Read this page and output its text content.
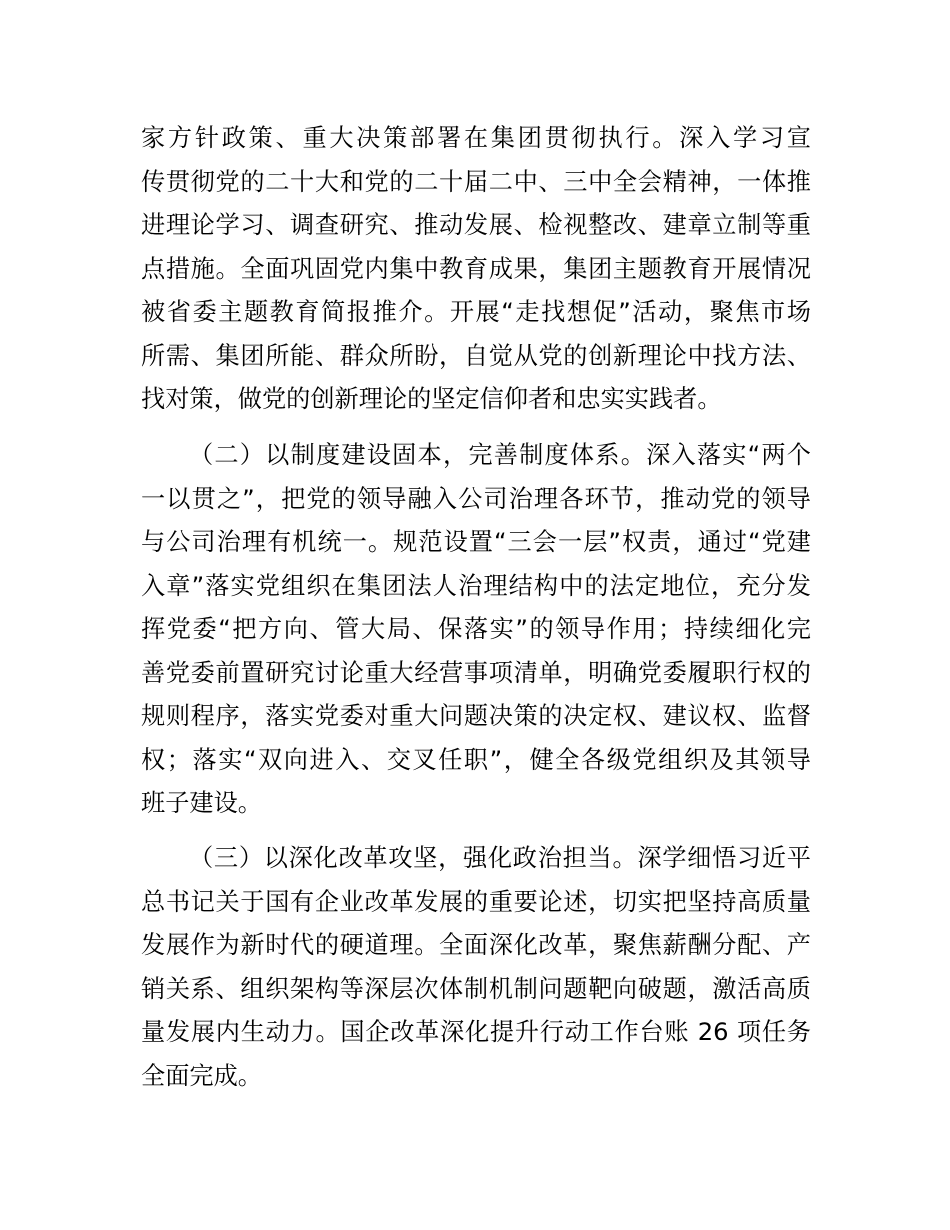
家方针政策、重大决策部署在集团贯彻执行。深入学习宣
传贯彻党的二十大和党的二十届二中、三中全会精神，一体推
进理论学习、调查研究、推动发展、检视整改、建章立制等重
点措施。全面巩固党内集中教育成果，集团主题教育开展情况
被省委主题教育简报推介。开展“走找想促”活动，聚焦市场
所需、集团所能、群众所盼，自觉从党的创新理论中找方法、
找对策，做党的创新理论的坚定信仰者和忠实实践者。
（二）以制度建设固本，完善制度体系。深入落实“两个
一以贯之”，把党的领导融入公司治理各环节，推动党的领导
与公司治理有机统一。规范设置“三会一层”权责，通过“党建
入章”落实党组织在集团法人治理结构中的法定地位，充分发
挥党委“把方向、管大局、保落实”的领导作用；持续细化完
善党委前置研究讨论重大经营事项清单，明确党委履职行权的
规则程序，落实党委对重大问题决策的决定权、建议权、监督
权；落实“双向进入、交叉任职”，健全各级党组织及其领导
班子建设。
（三）以深化改革攻坚，强化政治担当。深学细悟习近平
总书记关于国有企业改革发展的重要论述，切实把坚持高质量
发展作为新时代的硬道理。全面深化改革，聚焦薪酬分配、产
销关系、组织架构等深层次体制机制问题靶向破题，激活高质
量发展内生动力。国企改革深化提升行动工作台账 26 项任务
全面完成。
